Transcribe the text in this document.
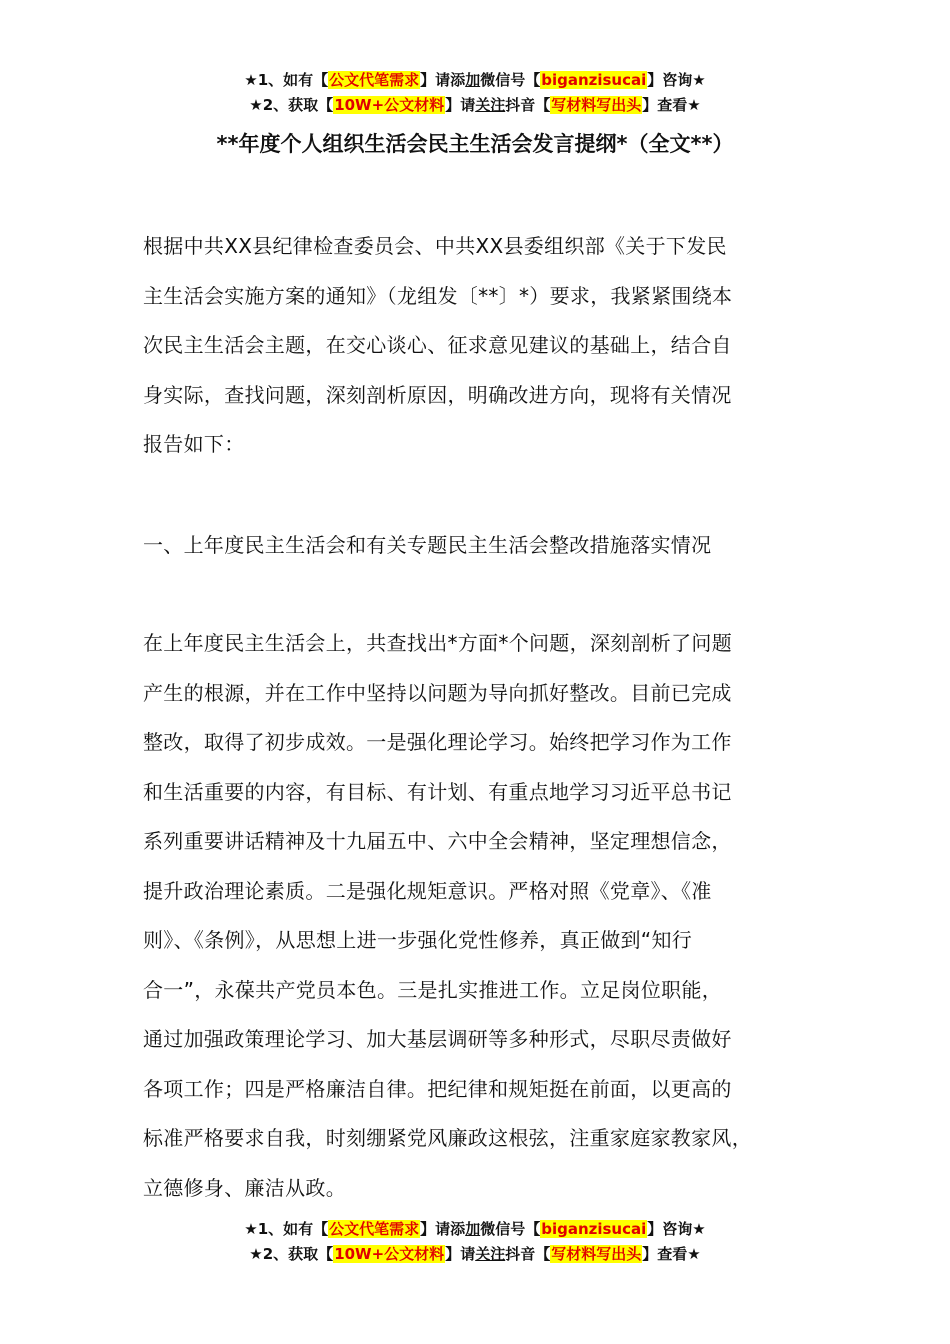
★1、如有【公文代笔需求】请添加微信号【biganzisucai】咨询★
★2、获取【10W+公文材料】请关注抖音【写材料写出头】查看★
**年度个人组织生活会民主生活会发言提纲*（全文**）
根据中共XX县纪律检查委员会、中共XX县委组织部《关于下发民
主生活会实施方案的通知》（龙组发〔**〕*）要求，我紧紧围绕本
次民主生活会主题，在交心谈心、征求意见建议的基础上，结合自
身实际，查找问题，深刻剖析原因，明确改进方向，现将有关情况
报告如下：
一、上年度民主生活会和有关专题民主生活会整改措施落实情况
在上年度民主生活会上，共查找出*方面*个问题，深刻剖析了问题
产生的根源，并在工作中坚持以问题为导向抓好整改。目前已完成
整改，取得了初步成效。一是强化理论学习。始终把学习作为工作
和生活重要的内容，有目标、有计划、有重点地学习习近平总书记
系列重要讲话精神及十九届五中、六中全会精神，坚定理想信念，
提升政治理论素质。二是强化规矩意识。严格对照《党章》、《准
则》、《条例》，从思想上进一步强化党性修养，真正做到“知行
合一”，永葆共产党员本色。三是扎实推进工作。立足岗位职能，
通过加强政策理论学习、加大基层调研等多种形式，尽职尽责做好
各项工作；四是严格廉洁自律。把纪律和规矩挺在前面，以更高的
标准严格要求自我，时刻绷紧党风廉政这根弦，注重家庭家教家风，
立德修身、廉洁从政。
★1、如有【公文代笔需求】请添加微信号【biganzisucai】咨询★
★2、获取【10W+公文材料】请关注抖音【写材料写出头】查看★
